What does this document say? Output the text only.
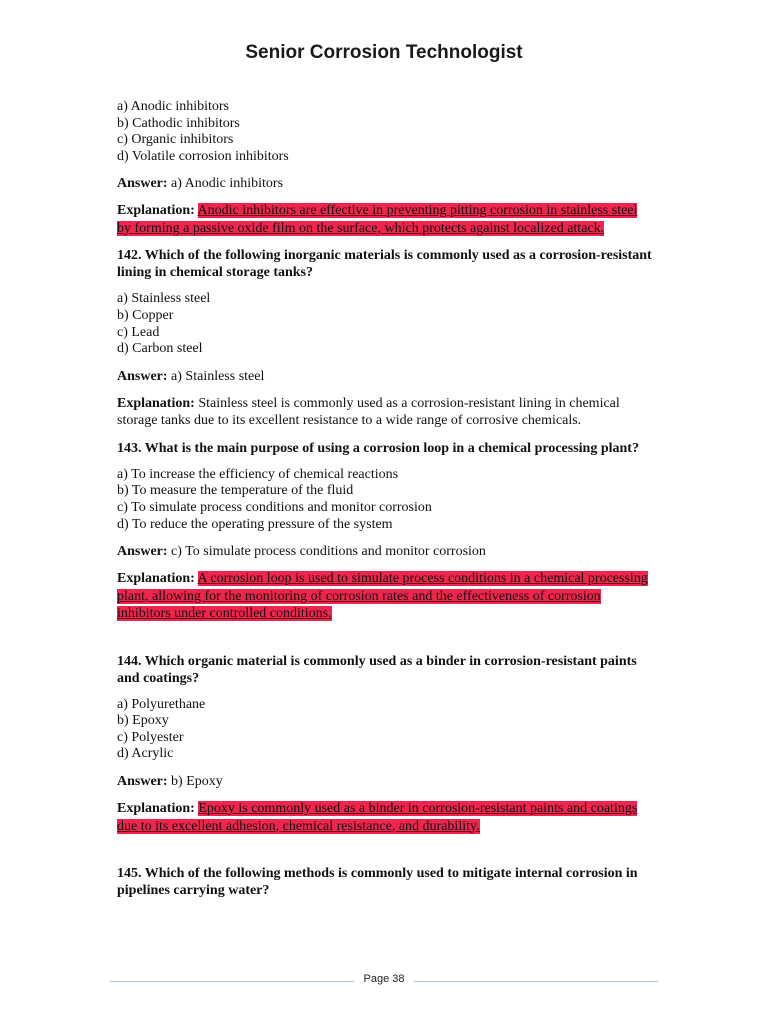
Senior Corrosion Technologist
a) Anodic inhibitors
b) Cathodic inhibitors
c) Organic inhibitors
d) Volatile corrosion inhibitors
Answer: a) Anodic inhibitors
Explanation: Anodic inhibitors are effective in preventing pitting corrosion in stainless steel by forming a passive oxide film on the surface, which protects against localized attack.
142. Which of the following inorganic materials is commonly used as a corrosion-resistant lining in chemical storage tanks?
a) Stainless steel
b) Copper
c) Lead
d) Carbon steel
Answer: a) Stainless steel
Explanation: Stainless steel is commonly used as a corrosion-resistant lining in chemical storage tanks due to its excellent resistance to a wide range of corrosive chemicals.
143. What is the main purpose of using a corrosion loop in a chemical processing plant?
a) To increase the efficiency of chemical reactions
b) To measure the temperature of the fluid
c) To simulate process conditions and monitor corrosion
d) To reduce the operating pressure of the system
Answer: c) To simulate process conditions and monitor corrosion
Explanation: A corrosion loop is used to simulate process conditions in a chemical processing plant, allowing for the monitoring of corrosion rates and the effectiveness of corrosion inhibitors under controlled conditions.
144. Which organic material is commonly used as a binder in corrosion-resistant paints and coatings?
a) Polyurethane
b) Epoxy
c) Polyester
d) Acrylic
Answer: b) Epoxy
Explanation: Epoxy is commonly used as a binder in corrosion-resistant paints and coatings due to its excellent adhesion, chemical resistance, and durability.
145. Which of the following methods is commonly used to mitigate internal corrosion in pipelines carrying water?
Page 38
